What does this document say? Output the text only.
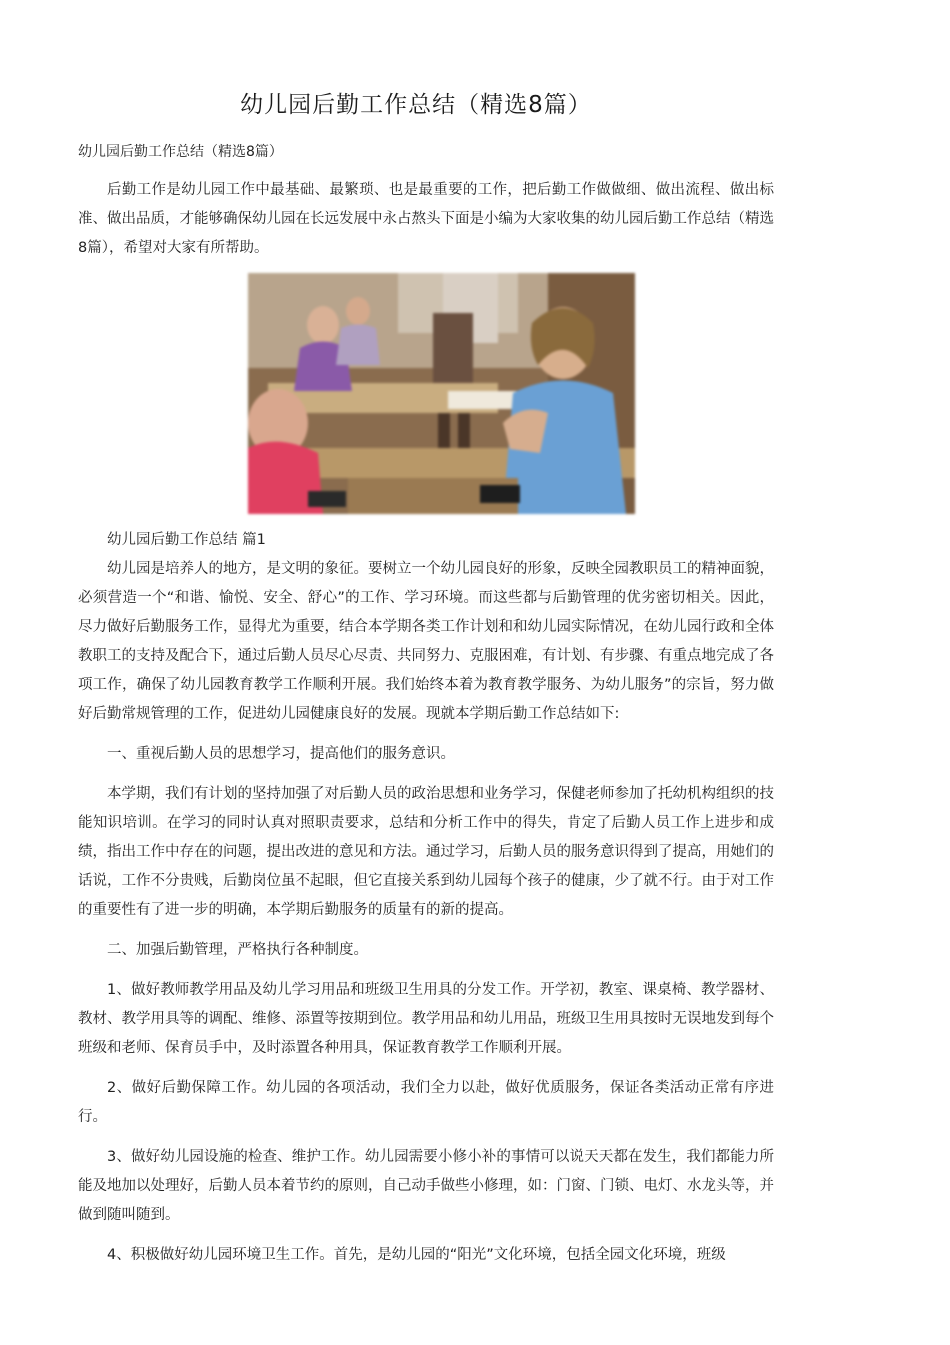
幼儿园后勤工作总结（精选8篇）
幼儿园后勤工作总结（精选8篇）

后勤工作是幼儿园工作中最基础、最繁琐、也是最重要的工作，把后勤工作做做细、做出流程、做出标准、做出品质，才能够确保幼儿园在长远发展中永占熬头下面是小编为大家收集的幼儿园后勤工作总结（精选8篇），希望对大家有所帮助。

幼儿园后勤工作总结 篇1

幼儿园是培养人的地方，是文明的象征。要树立一个幼儿园良好的形象，反映全园教职员工的精神面貌，必须营造一个“和谐、愉悦、安全、舒心”的工作、学习环境。而这些都与后勤管理的优劣密切相关。因此，尽力做好后勤服务工作，显得尤为重要，结合本学期各类工作计划和和幼儿园实际情况，在幼儿园行政和全体教职工的支持及配合下，通过后勤人员尽心尽责、共同努力、克服困难，有计划、有步骤、有重点地完成了各项工作，确保了幼儿园教育教学工作顺利开展。我们始终本着为教育教学服务、为幼儿服务”的宗旨，努力做好后勤常规管理的工作，促进幼儿园健康良好的发展。现就本学期后勤工作总结如下:

一、重视后勤人员的思想学习，提高他们的服务意识。

本学期，我们有计划的坚持加强了对后勤人员的政治思想和业务学习，保健老师参加了托幼机构组织的技能知识培训。在学习的同时认真对照职责要求，总结和分析工作中的得失，肯定了后勤人员工作上进步和成绩，指出工作中存在的问题，提出改进的意见和方法。通过学习，后勤人员的服务意识得到了提高，用她们的话说，工作不分贵贱，后勤岗位虽不起眼，但它直接关系到幼儿园每个孩子的健康，少了就不行。由于对工作的重要性有了进一步的明确，本学期后勤服务的质量有的新的提高。

二、加强后勤管理，严格执行各种制度。

1、做好教师教学用品及幼儿学习用品和班级卫生用具的分发工作。开学初，教室、课桌椅、教学器材、教材、教学用具等的调配、维修、添置等按期到位。教学用品和幼儿用品，班级卫生用具按时无误地发到每个班级和老师、保育员手中，及时添置各种用具，保证教育教学工作顺利开展。

2、做好后勤保障工作。幼儿园的各项活动，我们全力以赴，做好优质服务，保证各类活动正常有序进行。

3、做好幼儿园设施的检查、维护工作。幼儿园需要小修小补的事情可以说天天都在发生，我们都能力所能及地加以处理好，后勤人员本着节约的原则，自己动手做些小修理，如：门窗、门锁、电灯、水龙头等，并做到随叫随到。

4、积极做好幼儿园环境卫生工作。首先，是幼儿园的“阳光”文化环境，包括全园文化环境，班级
